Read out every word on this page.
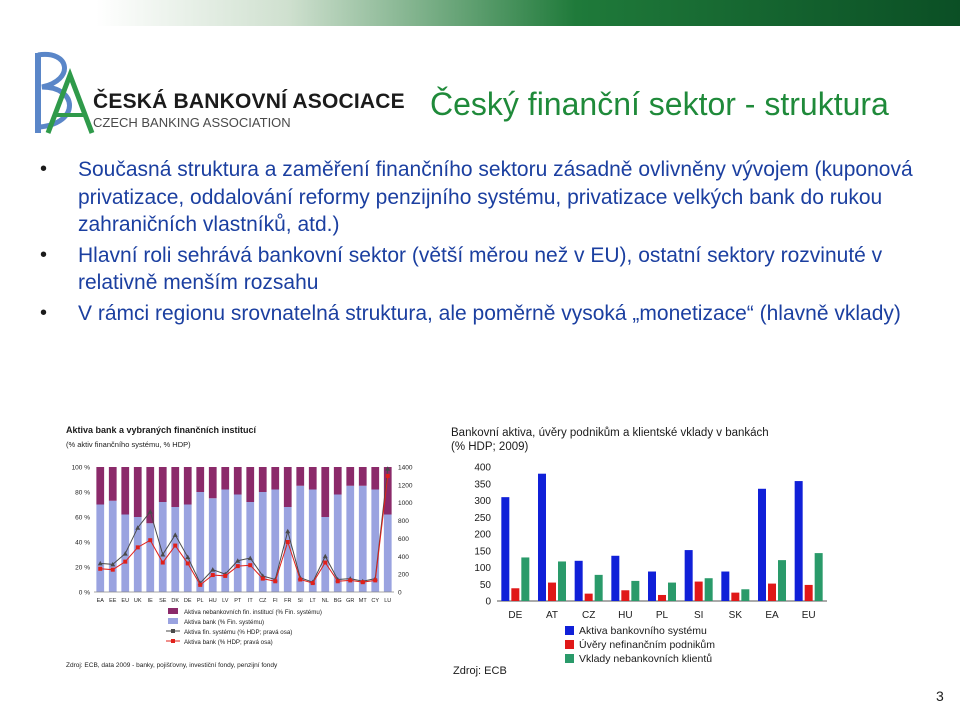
ČESKÁ BANKOVNÍ ASOCIACE
CZECH BANKING ASSOCIATION
Český finanční sektor - struktura
• Současná struktura a zaměření finančního sektoru zásadně ovlivněny vývojem (kuponová privatizace, oddalování reformy penzijního systému, privatizace velkých bank do rukou zahraničních vlastníků, atd.)
• Hlavní roli sehrává bankovní sektor (větší měrou než v EU), ostatní sektory rozvinuté v relativně menším rozsahu
• V rámci regionu srovnatelná struktura, ale poměrně vysoká „monetizace“ (hlavně vklady)
Aktiva bank a vybraných finančních institucí
(% aktiv finančního systému, % HDP)
100 %
80 %
60 %
40 %
20 %
0 %
1400
1200
1000
800
600
400
200
0
EA EE EU UK IE SE DK DE PL HU LV PT IT CZ FI FR SI LT NL BG GR MT CY LU
Aktiva nebankovních fin. institucí (% Fin. systému)
Aktiva bank (% Fin. systému)
Aktiva fin. systému (% HDP; pravá osa)
Aktiva bank (% HDP; pravá osa)
Zdroj: ECB, data 2009 - banky, pojišťovny, investiční fondy, penzijní fondy
Bankovní aktiva, úvěry podnikům a klientské vklady v bankách
(% HDP; 2009)
400
350
300
250
200
150
100
50
0
DE AT CZ HU PL	SI	SK EA EU
Aktiva bankovního systému
Úvěry nefinančním podnikům
Vklady nebankovních klientů
Zdroj: ECB
3
